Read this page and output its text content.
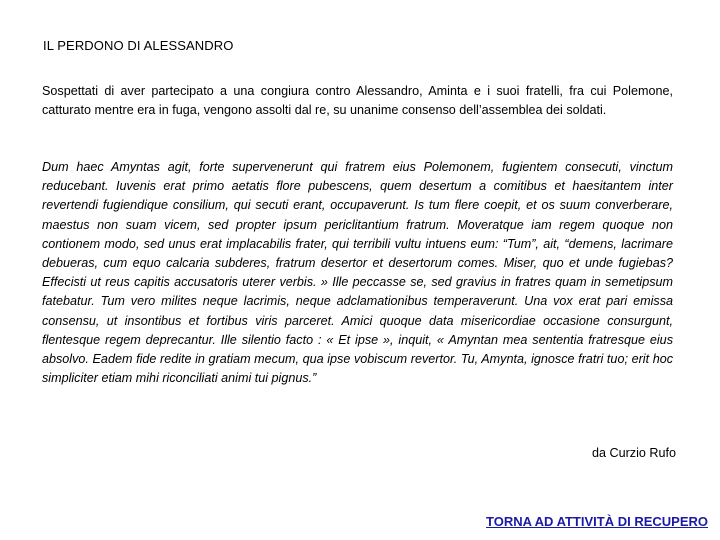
IL PERDONO DI ALESSANDRO
Sospettati di aver partecipato a una congiura contro Alessandro, Aminta e i suoi fratelli, fra cui Polemone, catturato mentre era in fuga, vengono assolti dal re, su unanime consenso dell’assemblea dei soldati.
Dum haec Amyntas agit, forte supervenerunt qui fratrem eius Polemonem, fugientem consecuti, vinctum reducebant. Iuvenis erat primo aetatis flore pubescens, quem desertum a comitibus et haesitantem inter revertendi fugiendique consilium, qui secuti erant, occupaverunt. Is tum flere coepit, et os suum converberare, maestus non suam vicem, sed propter ipsum periclitantium fratrum. Moveratque iam regem quoque non contionem modo, sed unus erat implacabilis frater, qui terribili vultu intuens eum: “Tum”, ait, “demens, lacrimare debueras, cum equo calcaria subderes, fratrum desertor et desertorum comes. Miser, quo et unde fugiebas? Effecisti ut reus capitis accusatoris uterer verbis. » Ille peccasse se, sed gravius in fratres quam in semetipsum fatebatur. Tum vero milites neque lacrimis, neque adclamationibus temperaverunt. Una vox erat pari emissa consensu, ut insontibus et fortibus viris parceret. Amici quoque data misericordiae occasione consurgunt, flentesque regem deprecantur. Ille silentio facto : « Et ipse », inquit, « Amyntan mea sententia fratresque eius absolvo. Eadem fide redite in gratiam mecum, qua ipse vobiscum revertor. Tu, Amynta, ignosce fratri tuo; erit hoc simpliciter etiam mihi riconciliati animi tui pignus.”
da Curzio Rufo
TORNA AD ATTIVITÀ DI RECUPERO
